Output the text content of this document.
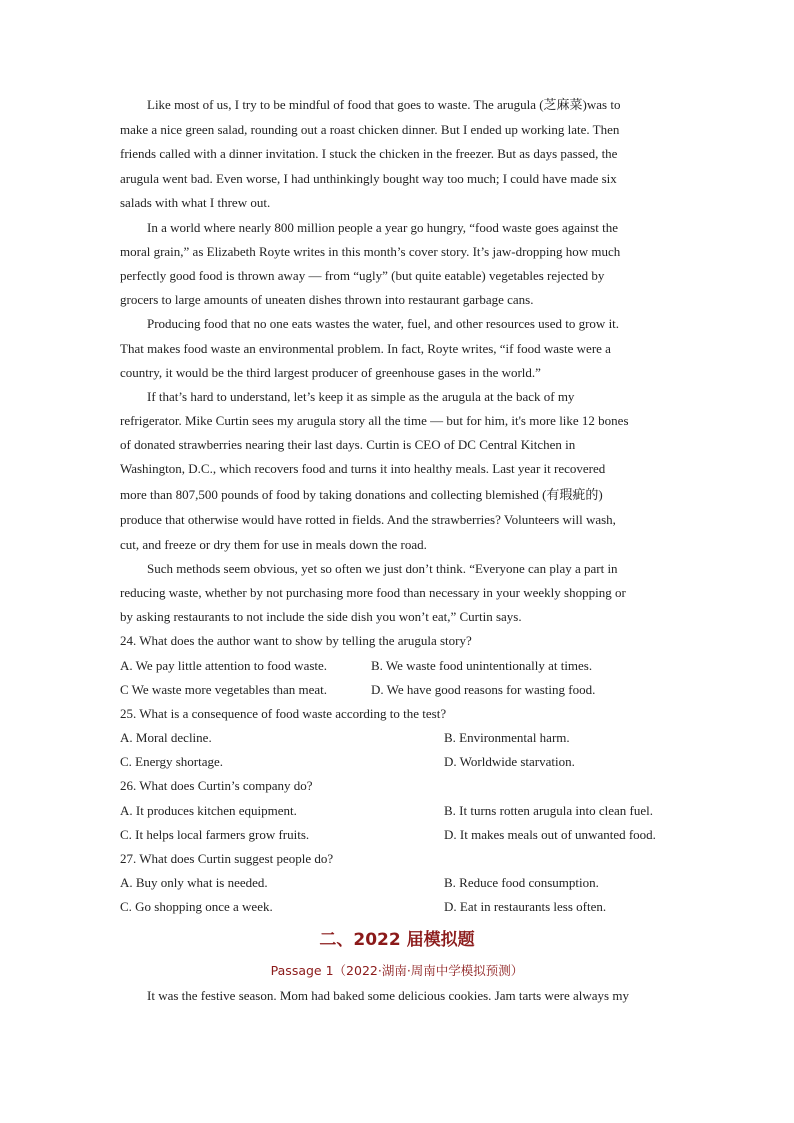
Like most of us, I try to be mindful of food that goes to waste. The arugula (芝麻菜)was to
make a nice green salad, rounding out a roast chicken dinner. But I ended up working late. Then
friends called with a dinner invitation. I stuck the chicken in the freezer. But as days passed, the
arugula went bad. Even worse, I had unthinkingly bought way too much; I could have made six
salads with what I threw out.
In a world where nearly 800 million people a year go hungry, “food waste goes against the
moral grain,” as Elizabeth Royte writes in this month’s cover story. It’s jaw-dropping how much
perfectly good food is thrown away — from “ugly” (but quite eatable) vegetables rejected by
grocers to large amounts of uneaten dishes thrown into restaurant garbage cans.
Producing food that no one eats wastes the water, fuel, and other resources used to grow it.
That makes food waste an environmental problem. In fact, Royte writes, “if food waste were a
country, it would be the third largest producer of greenhouse gases in the world.”
If that’s hard to understand, let’s keep it as simple as the arugula at the back of my
refrigerator. Mike Curtin sees my arugula story all the time — but for him, it's more like 12 bones
of donated strawberries nearing their last days. Curtin is CEO of DC Central Kitchen in
Washington, D.C., which recovers food and turns it into healthy meals. Last year it recovered
more than 807,500 pounds of food by taking donations and collecting blemished (有瑕疵的)
produce that otherwise would have rotted in fields. And the strawberries? Volunteers will wash,
cut, and freeze or dry them for use in meals down the road.
Such methods seem obvious, yet so often we just don’t think. “Everyone can play a part in
reducing waste, whether by not purchasing more food than necessary in your weekly shopping or
by asking restaurants to not include the side dish you won’t eat,” Curtin says.
24. What does the author want to show by telling the arugula story?
A. We pay little attention to food waste.	B. We waste food unintentionally at times.
C We waste more vegetables than meat.	D. We have good reasons for wasting food.
25. What is a consequence of food waste according to the test?
A. Moral decline.	B. Environmental harm.
C. Energy shortage.	D. Worldwide starvation.
26. What does Curtin’s company do?
A. It produces kitchen equipment.	B. It turns rotten arugula into clean fuel.
C. It helps local farmers grow fruits.	D. It makes meals out of unwanted food.
27. What does Curtin suggest people do?
A. Buy only what is needed.	B. Reduce food consumption.
C. Go shopping once a week.	D. Eat in restaurants less often.
二、2022 届模拟题
Passage 1（2022·湖南·周南中学模拟预测）
It was the festive season. Mom had baked some delicious cookies. Jam tarts were always my
